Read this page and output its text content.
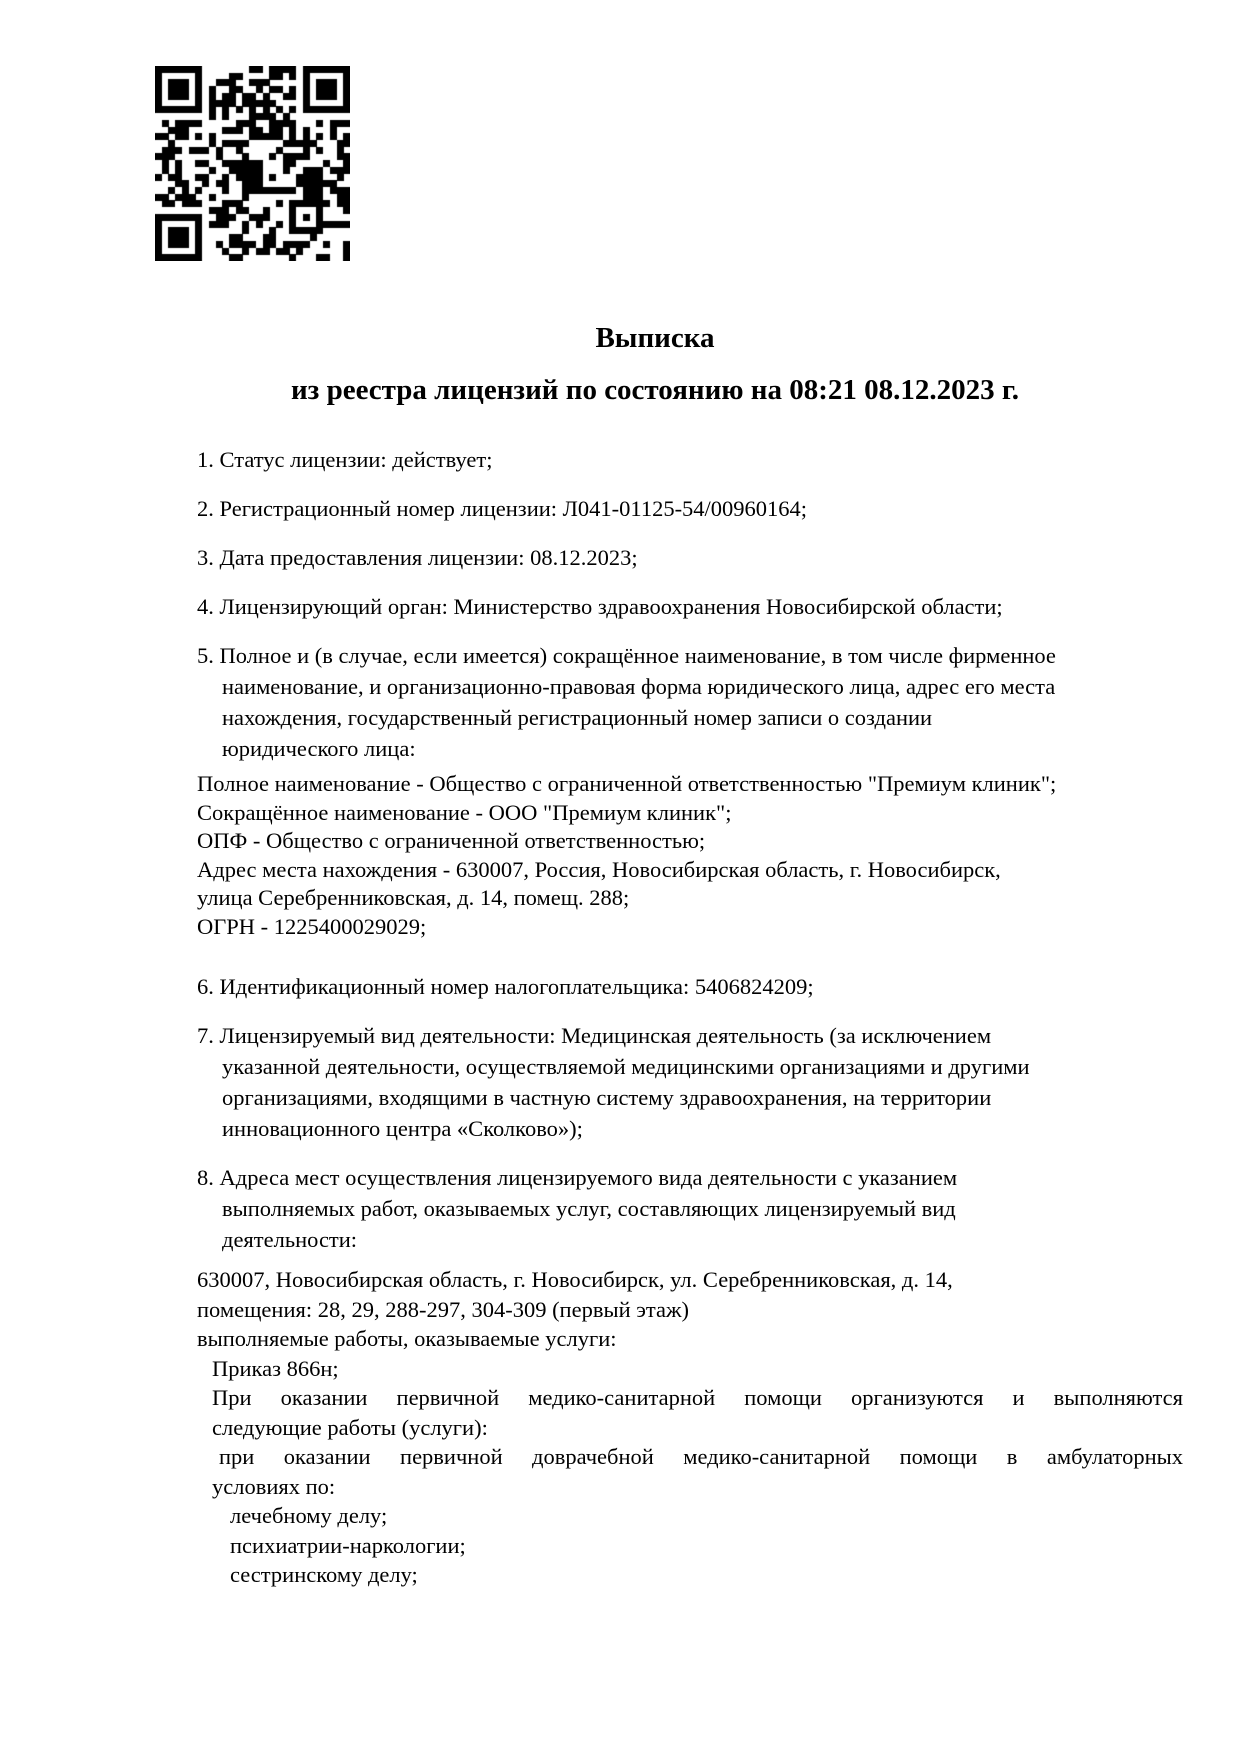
Выписка
из реестра лицензий по состоянию на 08:21 08.12.2023 г.
1. Статус лицензии: действует;
2. Регистрационный номер лицензии: Л041-01125-54/00960164;
3. Дата предоставления лицензии: 08.12.2023;
4. Лицензирующий орган: Министерство здравоохранения Новосибирской области;
5. Полное и (в случае, если имеется) сокращённое наименование, в том числе фирменное
наименование, и организационно-правовая форма юридического лица, адрес его места
нахождения, государственный регистрационный номер записи о создании
юридического лица:
Полное наименование - Общество с ограниченной ответственностью "Премиум клиник";
Сокращённое наименование - ООО "Премиум клиник";
ОПФ - Общество с ограниченной ответственностью;
Адрес места нахождения - 630007, Россия, Новосибирская область, г. Новосибирск,
улица Серебренниковская, д. 14, помещ. 288;
ОГРН - 1225400029029;
6. Идентификационный номер налогоплательщика: 5406824209;
7. Лицензируемый вид деятельности: Медицинская деятельность (за исключением
указанной деятельности, осуществляемой медицинскими организациями и другими
организациями, входящими в частную систему здравоохранения, на территории
инновационного центра «Сколково»);
8. Адреса мест осуществления лицензируемого вида деятельности с указанием
выполняемых работ, оказываемых услуг, составляющих лицензируемый вид
деятельности:
630007, Новосибирская область, г. Новосибирск, ул. Серебренниковская, д. 14,
помещения: 28, 29, 288-297, 304-309 (первый этаж)
выполняемые работы, оказываемые услуги:
Приказ 866н;
При оказании первичной медико-санитарной помощи организуются и выполняются
следующие работы (услуги):
при оказании первичной доврачебной медико-санитарной помощи в амбулаторных
условиях по:
лечебному делу;
психиатрии-наркологии;
сестринскому делу;
